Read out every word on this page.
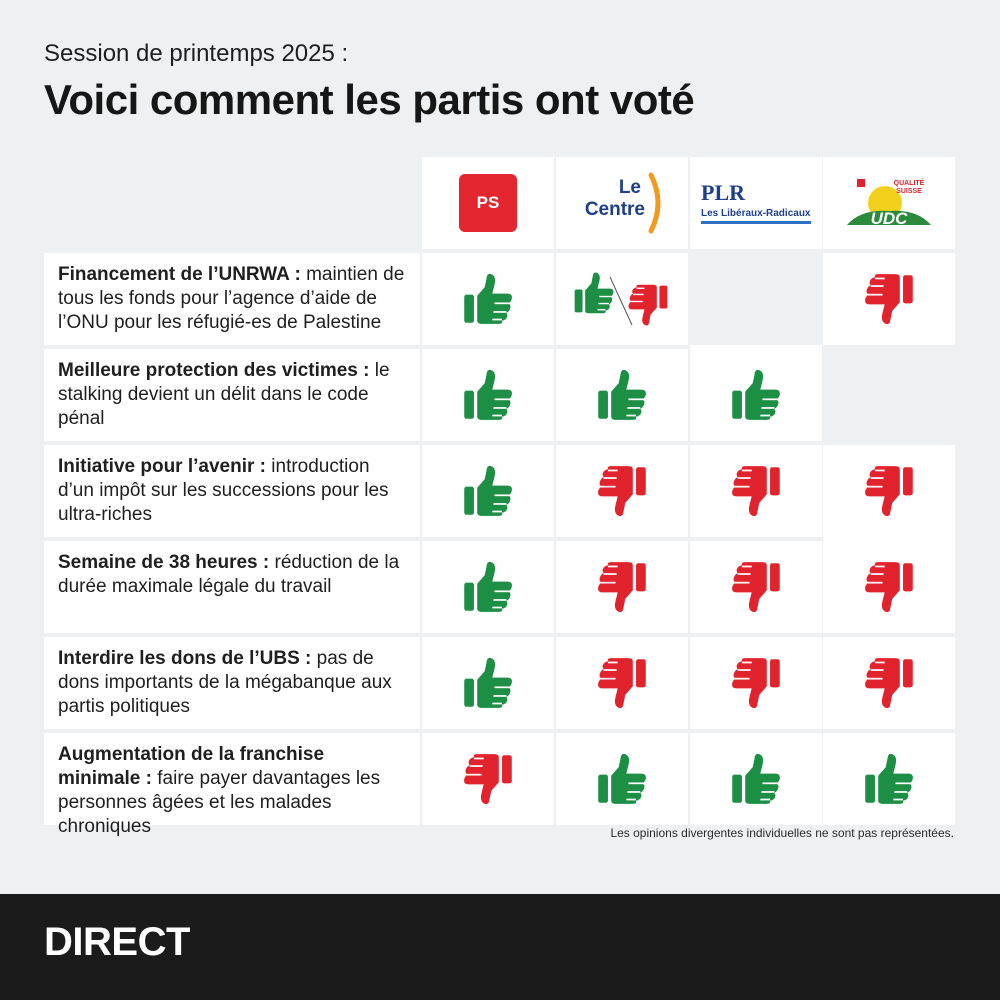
Session de printemps 2025 :
Voici comment les partis ont voté
PS
Le
Centre
PLR
Les Libéraux-Radicaux
QUALITÉ
SUISSE
UDC
Financement de l’UNRWA : maintien de tous les fonds pour l’agence d’aide de l’ONU pour les réfugié-es de Palestine
Meilleure protection des victimes : le stalking devient un délit dans le code pénal
Initiative pour l’avenir : introduction d’un impôt sur les successions pour les ultra-riches
Semaine de 38 heures : réduction de la durée maximale légale du travail
Interdire les dons de l’UBS : pas de dons importants de la mégabanque aux partis politiques
Augmentation de la franchise minimale : faire payer davantages les personnes âgées et les malades chroniques	Les opinions divergentes individuelles ne sont pas représentées.
DIRECT
